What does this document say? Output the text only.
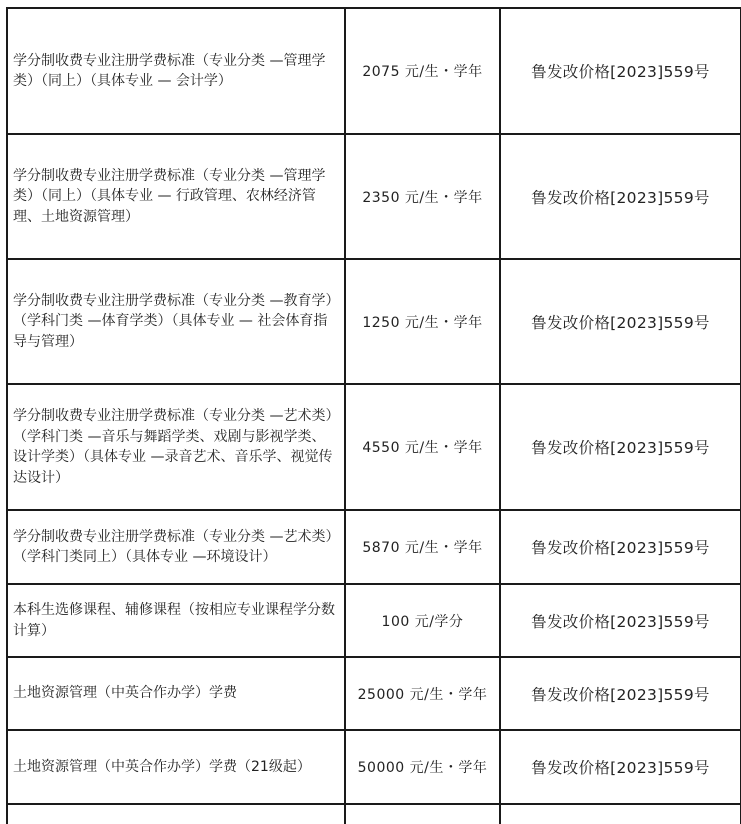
学分制收费专业注册学费标准（专业分类 —管理学类）（同上）（具体专业 — 会计学）	2075 元/生・学年	鲁发改价格[2023]559号

学分制收费专业注册学费标准（专业分类 —管理学类）（同上）（具体专业 — 行政管理、农林经济管理、土地资源管理）	2350 元/生・学年	鲁发改价格[2023]559号

学分制收费专业注册学费标准（专业分类 —教育学）（学科门类 —体育学类）（具体专业 — 社会体育指导与管理）	1250 元/生・学年	鲁发改价格[2023]559号

学分制收费专业注册学费标准（专业分类 —艺术类）（学科门类 —音乐与舞蹈学类、戏剧与影视学类、设计学类）（具体专业 —录音艺术、音乐学、视觉传达设计）	4550 元/生・学年	鲁发改价格[2023]559号

学分制收费专业注册学费标准（专业分类 —艺术类）（学科门类同上）（具体专业 —环境设计）	5870 元/生・学年	鲁发改价格[2023]559号

本科生选修课程、辅修课程（按相应专业课程学分数计算）	100 元/学分	鲁发改价格[2023]559号

土地资源管理（中英合作办学）学费	25000 元/生・学年	鲁发改价格[2023]559号

土地资源管理（中英合作办学）学费（21级起）	50000 元/生・学年	鲁发改价格[2023]559号
